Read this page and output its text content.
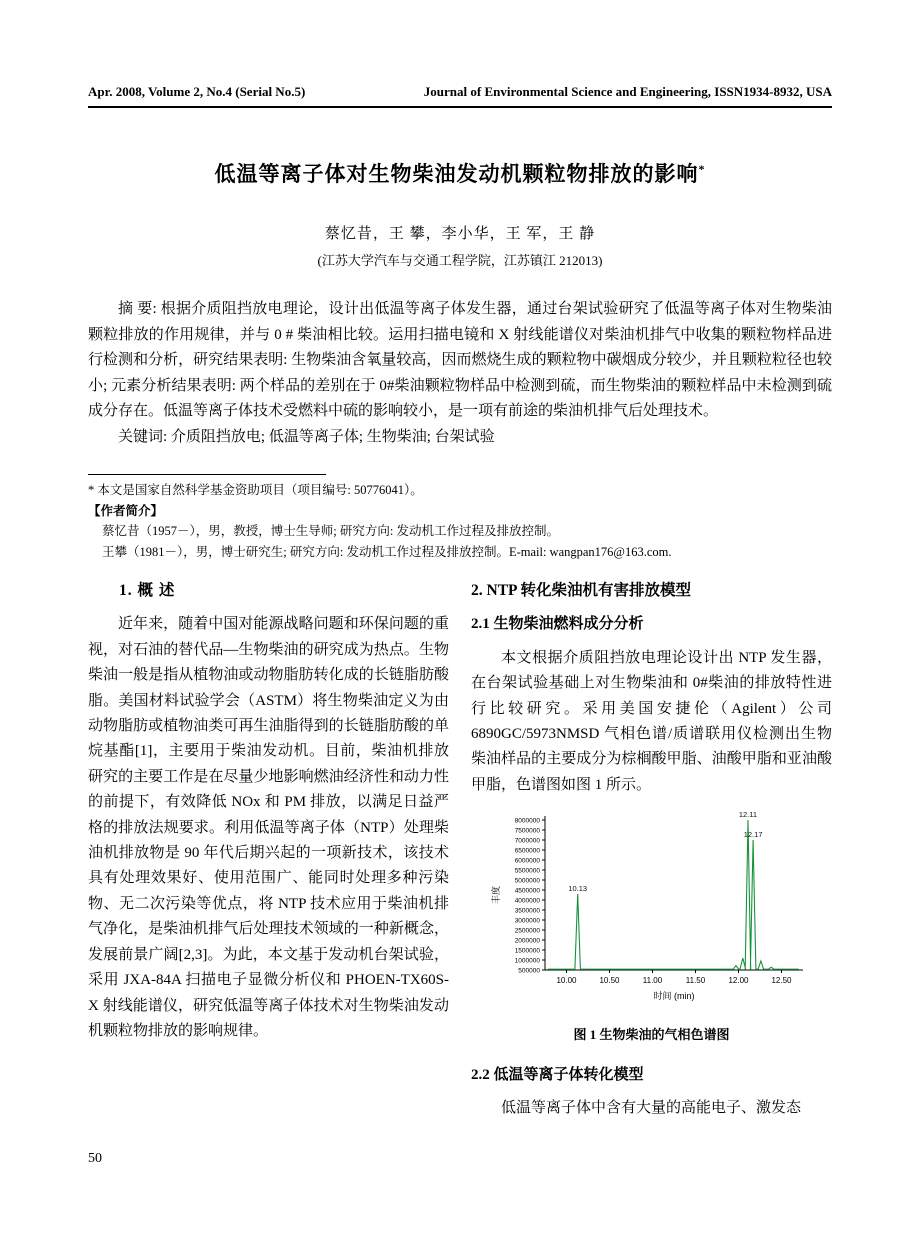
Apr. 2008, Volume 2, No.4 (Serial No.5)	Journal of Environmental Science and Engineering, ISSN1934-8932, USA
低温等离子体对生物柴油发动机颗粒物排放的影响*
蔡忆昔，王 攀，李小华，王 军，王 静
(江苏大学汽车与交通工程学院，江苏镇江 212013)

摘 要: 根据介质阻挡放电理论，设计出低温等离子体发生器，通过台架试验研究了低温等离子体对生物柴油颗粒排放的作用规律，并与 0 # 柴油相比较。运用扫描电镜和 X 射线能谱仪对柴油机排气中收集的颗粒物样品进行检测和分析，研究结果表明: 生物柴油含氧量较高，因而燃烧生成的颗粒物中碳烟成分较少，并且颗粒粒径也较小; 元素分析结果表明: 两个样品的差别在于 0#柴油颗粒物样品中检测到硫，而生物柴油的颗粒样品中未检测到硫成分存在。低温等离子体技术受燃料中硫的影响较小，是一项有前途的柴油机排气后处理技术。

关键词: 介质阻挡放电; 低温等离子体; 生物柴油; 台架试验

* 本文是国家自然科学基金资助项目（项目编号: 50776041）。

【作者简介】

蔡忆昔（1957－），男，教授，博士生导师; 研究方向: 发动机工作过程及排放控制。

王攀（1981－），男，博士研究生; 研究方向: 发动机工作过程及排放控制。E-mail: wangpan176@163.com.

1. 概 述

近年来，随着中国对能源战略问题和环保问题的重视，对石油的替代品—生物柴油的研究成为热点。生物柴油一般是指从植物油或动物脂肪转化成的长链脂肪酸脂。美国材料试验学会（ASTM）将生物柴油定义为由动物脂肪或植物油类可再生油脂得到的长链脂肪酸的单烷基酯[1]，主要用于柴油发动机。目前，柴油机排放研究的主要工作是在尽量少地影响燃油经济性和动力性的前提下，有效降低 NOx 和 PM 排放，以满足日益严格的排放法规要求。利用低温等离子体（NTP）处理柴油机排放物是 90 年代后期兴起的一项新技术，该技术具有处理效果好、使用范围广、能同时处理多种污染物、无二次污染等优点，将 NTP 技术应用于柴油机排气净化，是柴油机排气后处理技术领域的一种新概念，发展前景广阔[2,3]。为此，本文基于发动机台架试验，采用 JXA-84A 扫描电子显微分析仪和 PHOEN-TX60S-X 射线能谱仪，研究低温等离子体技术对生物柴油发动机颗粒物排放的影响规律。

2. NTP 转化柴油机有害排放模型
2.1 生物柴油燃料成分分析

本文根据介质阻挡放电理论设计出 NTP 发生器，在台架试验基础上对生物柴油和 0#柴油的排放特性进行比较研究。采用美国安捷伦（Agilent）公司 6890GC/5973NMSD 气相色谱/质谱联用仪检测出生物柴油样品的主要成分为棕榈酸甲脂、油酸甲脂和亚油酸甲脂，色谱图如图 1 所示。

500000
1000000
1500000
2000000
2500000
3000000
3500000
4000000
4500000
5000000
5500000
6000000
6500000
7000000
7500000
8000000
10.00	10.50	11.00	11.50	12.00	12.50
时间 (min)
丰度	10.13
12.11
12.17
图 1 生物柴油的气相色谱图
2.2 低温等离子体转化模型

低温等离子体中含有大量的高能电子、激发态

50
